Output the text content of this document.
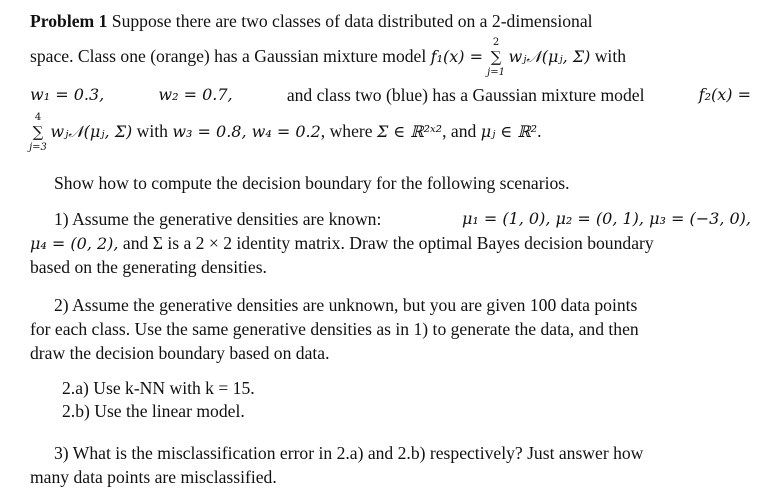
Problem 1 Suppose there are two classes of data distributed on a 2-dimensional
space. Class one (orange) has a Gaussian mixture model f₁(x) = ∑
2
j=1
wⱼ𝒩(μⱼ, Σ) with
w₁ = 0.3,	w₂ = 0.7,	and class two (blue) has a Gaussian mixture model	f₂(x) =
∑
4
j=3
wⱼ𝒩(μⱼ, Σ) with w₃ = 0.8, w₄ = 0.2, where Σ ∈ ℝ²ˣ², and μⱼ ∈ ℝ².
Show how to compute the decision boundary for the following scenarios.
1) Assume the generative densities are known:	μ₁ = (1, 0), μ₂ = (0, 1), μ₃ = (−3, 0),
μ₄ = (0, 2), and Σ is a 2 × 2 identity matrix. Draw the optimal Bayes decision boundary
based on the generating densities.
2) Assume the generative densities are unknown, but you are given 100 data points
for each class. Use the same generative densities as in 1) to generate the data, and then
draw the decision boundary based on data.
2.a) Use k-NN with k = 15.
2.b) Use the linear model.
3) What is the misclassification error in 2.a) and 2.b) respectively? Just answer how
many data points are misclassified.
